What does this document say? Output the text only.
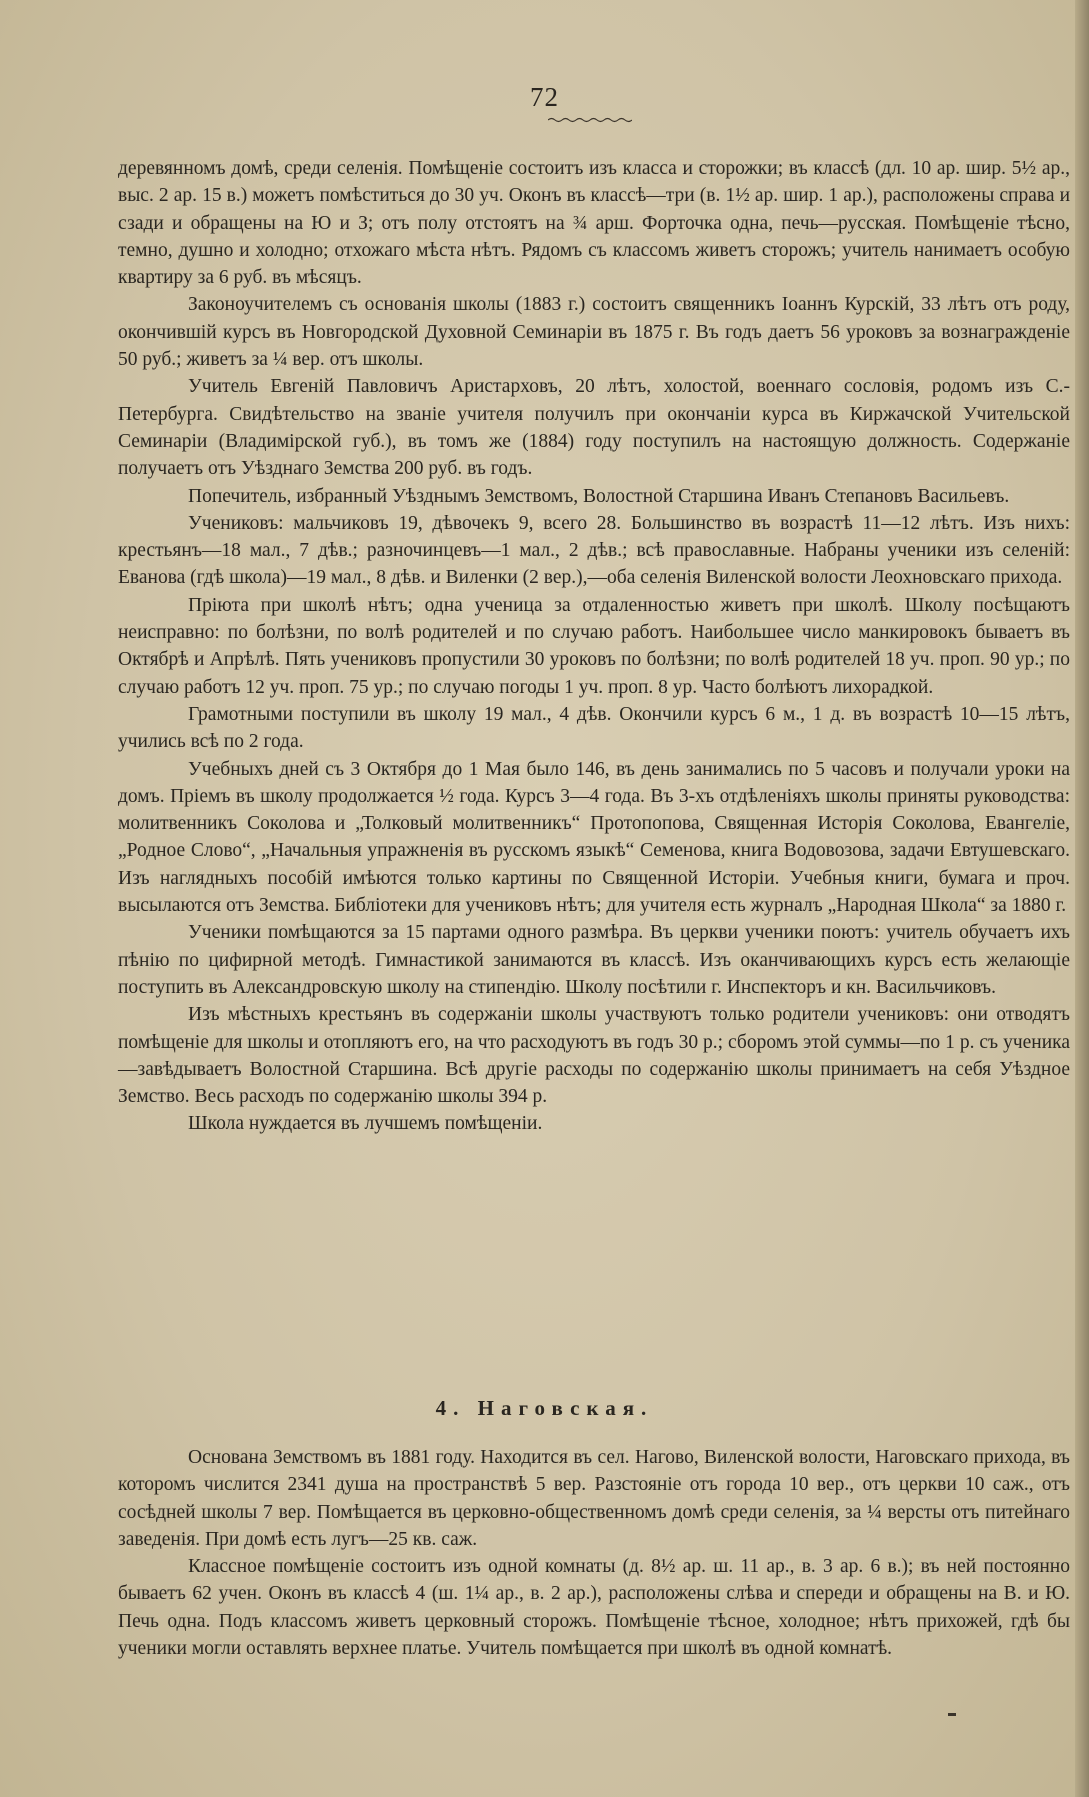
72

деревянномъ домѣ, среди селенія. Помѣщеніе состоитъ изъ класса и сторожки; въ классѣ (дл. 10 ар. шир. 5½ ар., выс. 2 ар. 15 в.) можетъ помѣститься до 30 уч. Оконъ въ классѣ—три (в. 1½ ар. шир. 1 ар.), расположены справа и сзади и обращены на Ю и З; отъ полу отстоятъ на ¾ арш. Форточка одна, печь—русская. Помѣщеніе тѣсно, темно, душно и холодно; отхожаго мѣста нѣтъ. Рядомъ съ классомъ живетъ сторожъ; учитель нанимаетъ особую квартиру за 6 руб. въ мѣсяцъ.

Законоучителемъ съ основанія школы (1883 г.) состоитъ священникъ Іоаннъ Курскій, 33 лѣтъ отъ роду, окончившій курсъ въ Новгородской Духовной Семинаріи въ 1875 г. Въ годъ даетъ 56 уроковъ за вознагражденіе 50 руб.; живетъ за ¼ вер. отъ школы.

Учитель Евгеній Павловичъ Аристарховъ, 20 лѣтъ, холостой, военнаго сословія, родомъ изъ С.-Петербурга. Свидѣтельство на званіе учителя получилъ при окончаніи курса въ Киржачской Учительской Семинаріи (Владимірской губ.), въ томъ же (1884) году поступилъ на настоящую должность. Содержаніе получаетъ отъ Уѣзднаго Земства 200 руб. въ годъ.

Попечитель, избранный Уѣзднымъ Земствомъ, Волостной Старшина Иванъ Степановъ Васильевъ.

Учениковъ: мальчиковъ 19, дѣвочекъ 9, всего 28. Большинство въ возрастѣ 11—12 лѣтъ. Изъ нихъ: крестьянъ—18 мал., 7 дѣв.; разночинцевъ—1 мал., 2 дѣв.; всѣ православные. Набраны ученики изъ селеній: Еванова (гдѣ школа)—19 мал., 8 дѣв. и Виленки (2 вер.),—оба селенія Виленской волости Леохновскаго прихода.

Пріюта при школѣ нѣтъ; одна ученица за отдаленностью живетъ при школѣ. Школу посѣщаютъ неисправно: по болѣзни, по волѣ родителей и по случаю работъ. Наибольшее число манкировокъ бываетъ въ Октябрѣ и Апрѣлѣ. Пять учениковъ пропустили 30 уроковъ по болѣзни; по волѣ родителей 18 уч. проп. 90 ур.; по случаю работъ 12 уч. проп. 75 ур.; по случаю погоды 1 уч. проп. 8 ур. Часто болѣютъ лихорадкой.

Грамотными поступили въ школу 19 мал., 4 дѣв. Окончили курсъ 6 м., 1 д. въ возрастѣ 10—15 лѣтъ, учились всѣ по 2 года.

Учебныхъ дней съ 3 Октября до 1 Мая было 146, въ день занимались по 5 часовъ и получали уроки на домъ. Пріемъ въ школу продолжается ½ года. Курсъ 3—4 года. Въ 3-хъ отдѣленіяхъ школы приняты руководства: молитвенникъ Соколова и „Толковый молитвенникъ“ Протопопова, Священная Исторія Соколова, Евангеліе, „Родное Слово“, „Начальныя упражненія въ русскомъ языкѣ“ Семенова, книга Водовозова, задачи Евтушевскаго. Изъ наглядныхъ пособій имѣются только картины по Священной Исторіи. Учебныя книги, бумага и проч. высылаются отъ Земства. Библіотеки для учениковъ нѣтъ; для учителя есть журналъ „Народная Школа“ за 1880 г.

Ученики помѣщаются за 15 партами одного размѣра. Въ церкви ученики поютъ: учитель обучаетъ ихъ пѣнію по цифирной методѣ. Гимнастикой занимаются въ классѣ. Изъ оканчивающихъ курсъ есть желающіе поступить въ Александровскую школу на стипендію. Школу посѣтили г. Инспекторъ и кн. Васильчиковъ.

Изъ мѣстныхъ крестьянъ въ содержаніи школы участвуютъ только родители учениковъ: они отводятъ помѣщеніе для школы и отопляютъ его, на что расходуютъ въ годъ 30 р.; сборомъ этой суммы—по 1 р. съ ученика—завѣдываетъ Волостной Старшина. Всѣ другіе расходы по содержанію школы принимаетъ на себя Уѣздное Земство. Весь расходъ по содержанію школы 394 р.

Школа нуждается въ лучшемъ помѣщеніи.

4. Наговская.

Основана Земствомъ въ 1881 году. Находится въ сел. Нагово, Виленской волости, Наговскаго прихода, въ которомъ числится 2341 душа на пространствѣ 5 вер. Разстояніе отъ города 10 вер., отъ церкви 10 саж., отъ сосѣдней школы 7 вер. Помѣщается въ церковно-общественномъ домѣ среди селенія, за ¼ версты отъ питейнаго заведенія. При домѣ есть лугъ—25 кв. саж.

Классное помѣщеніе состоитъ изъ одной комнаты (д. 8½ ар. ш. 11 ар., в. 3 ар. 6 в.); въ ней постоянно бываетъ 62 учен. Оконъ въ классѣ 4 (ш. 1¼ ар., в. 2 ар.), расположены слѣва и спереди и обращены на В. и Ю. Печь одна. Подъ классомъ живетъ церковный сторожъ. Помѣщеніе тѣсное, холодное; нѣтъ прихожей, гдѣ бы ученики могли оставлять верхнее платье. Учитель помѣщается при школѣ въ одной комнатѣ.
